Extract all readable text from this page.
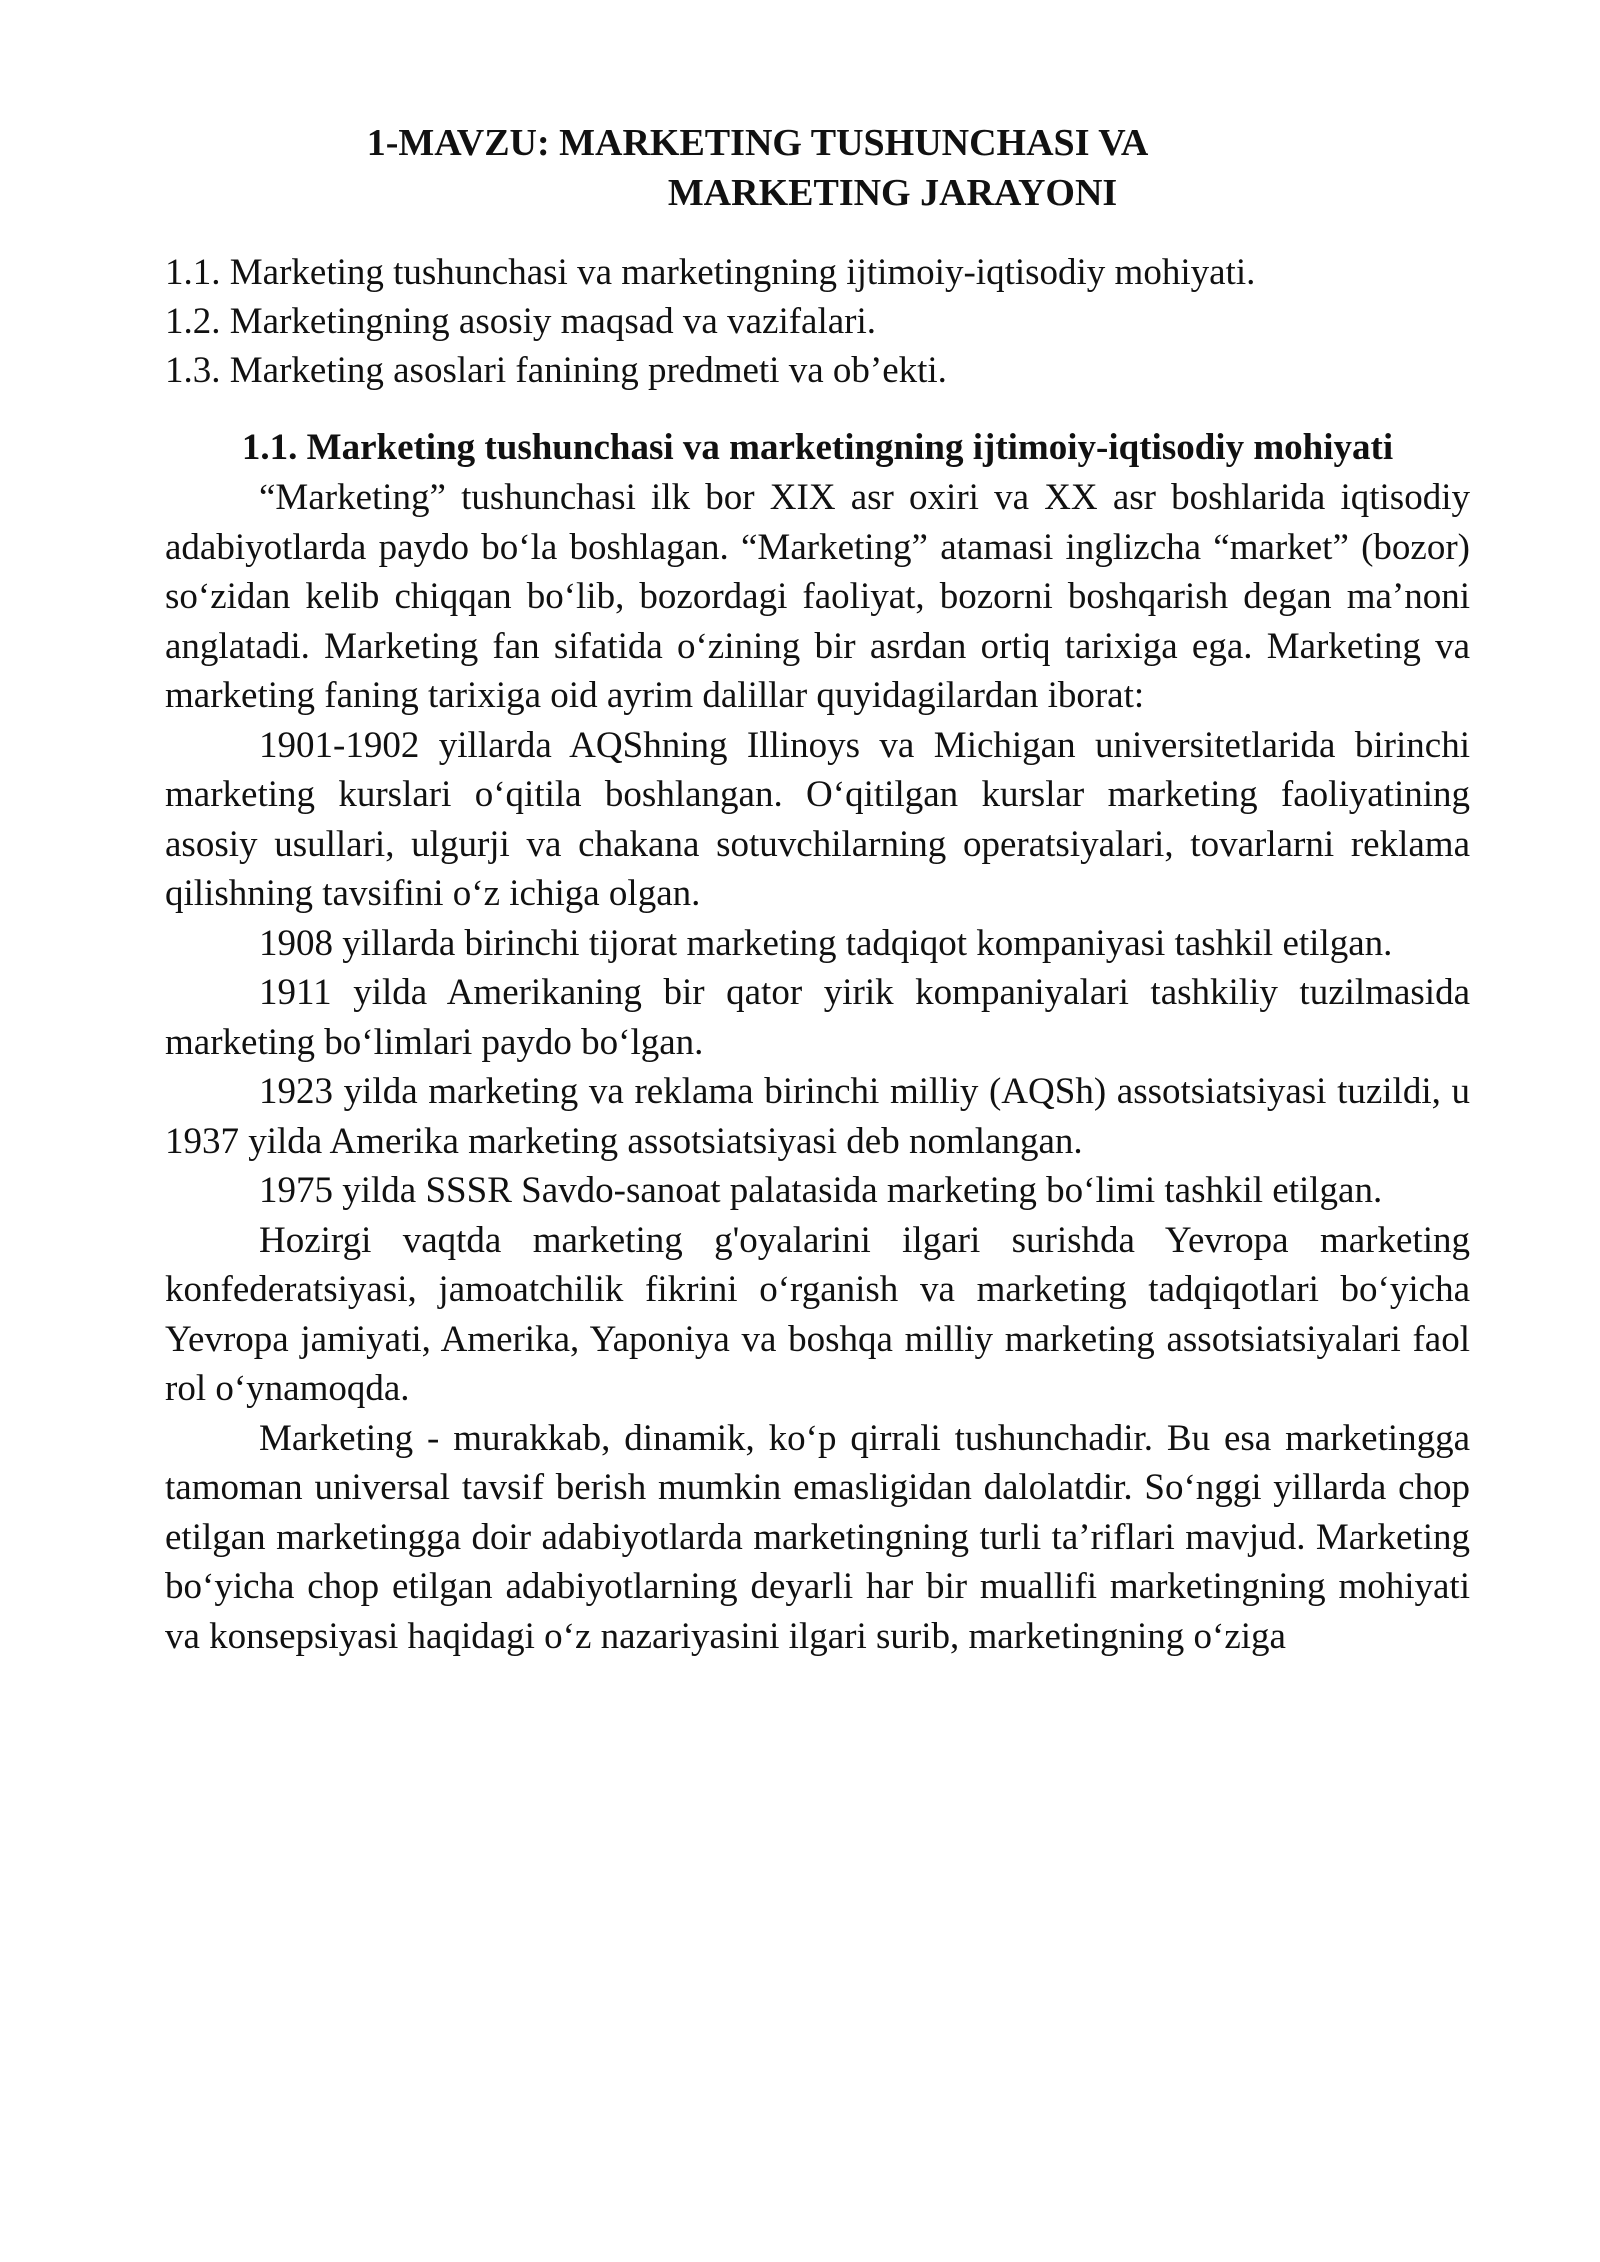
1-MAVZU: MARKETING TUSHUNCHASI VA
MARKETING JARAYONI
1.1. Marketing tushunchasi va marketingning ijtimoiy-iqtisodiy mohiyati.
1.2. Marketingning asosiy maqsad va vazifalari.
1.3. Marketing asoslari fanining predmeti va ob’ekti.
1.1. Marketing tushunchasi va marketingning ijtimoiy-iqtisodiy mohiyati

“Marketing” tushunchasi ilk bor XIX asr oxiri va XX asr boshlarida iqtisodiy adabiyotlarda paydo bo‘la boshlagan. “Marketing” atamasi inglizcha “market” (bozor) so‘zidan kelib chiqqan bo‘lib, bozordagi faoliyat, bozorni boshqarish degan ma’noni anglatadi. Marketing fan sifatida o‘zining bir asrdan ortiq tarixiga ega. Marketing va marketing faning tarixiga oid ayrim dalillar quyidagilardan iborat:

1901-1902 yillarda AQShning Illinoys va Michigan universitetlarida birinchi marketing kurslari o‘qitila boshlangan. O‘qitilgan kurslar marketing faoliyatining asosiy usullari, ulgurji va chakana sotuvchilarning operatsiyalari, tovarlarni reklama qilishning tavsifini o‘z ichiga olgan.

1908 yillarda birinchi tijorat marketing tadqiqot kompaniyasi tashkil etilgan.

1911 yilda Amerikaning bir qator yirik kompaniyalari tashkiliy tuzilmasida marketing bo‘limlari paydo bo‘lgan.

1923 yilda marketing va reklama birinchi milliy (AQSh) assotsiatsiyasi tuzildi, u 1937 yilda Amerika marketing assotsiatsiyasi deb nomlangan.

1975 yilda SSSR Savdo-sanoat palatasida marketing bo‘limi tashkil etilgan.

Hozirgi vaqtda marketing g'oyalarini ilgari surishda Yevropa marketing konfederatsiyasi, jamoatchilik fikrini o‘rganish va marketing tadqiqotlari bo‘yicha Yevropa jamiyati, Amerika, Yaponiya va boshqa milliy marketing assotsiatsiyalari faol rol o‘ynamoqda.

Marketing - murakkab, dinamik, ko‘p qirrali tushunchadir. Bu esa marketingga tamoman universal tavsif berish mumkin emasligidan dalolatdir. So‘nggi yillarda chop etilgan marketingga doir adabiyotlarda marketingning turli ta’riflari mavjud. Marketing bo‘yicha chop etilgan adabiyotlarning deyarli har bir muallifi marketingning mohiyati va konsepsiyasi haqidagi o‘z nazariyasini ilgari surib, marketingning o‘ziga
